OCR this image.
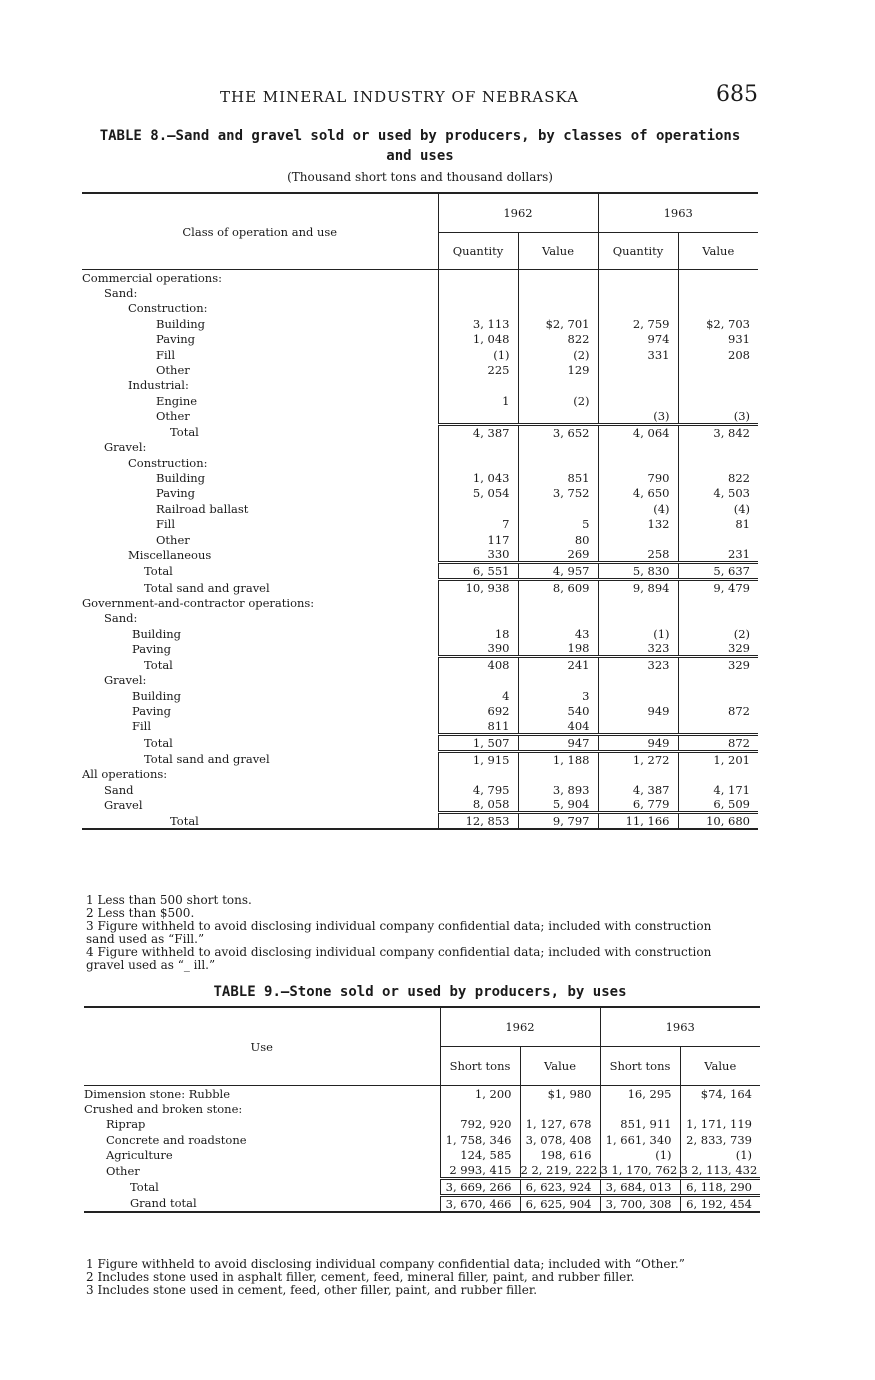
THE MINERAL INDUSTRY OF NEBRASKA	685
TABLE 8.—Sand and gravel sold or used by producers, by classes of operations
and uses
(Thousand short tons and thousand dollars)
Class of operation and use	1962		1963	
	Quantity	Value	Quantity	Value
Commercial operations:				
Sand:				
Construction:				
Building	3, 113	$2, 701	2, 759	$2, 703
Paving	1, 048	822	974	931
Fill	(1)	(2)	331	208
Other	225	129		
Industrial:				
Engine	1	(2)		
Other			(3)	(3)
Total	4, 387	3, 652	4, 064	3, 842
Gravel:				
Construction:				
Building	1, 043	851	790	822
Paving	5, 054	3, 752	4, 650	4, 503
Railroad ballast			(4)	(4)
Fill	7	5	132	81
Other	117	80		
Miscellaneous	330	269	258	231
Total	6, 551	4, 957	5, 830	5, 637
Total sand and gravel	10, 938	8, 609	9, 894	9, 479
Government-and-contractor operations:				
Sand:				
Building	18	43	(1)	(2)
Paving	390	198	323	329
Total	408	241	323	329
Gravel:				
Building	4	3		
Paving	692	540	949	872
Fill	811	404		
Total	1, 507	947	949	872
Total sand and gravel	1, 915	1, 188	1, 272	1, 201
All operations:				
Sand	4, 795	3, 893	4, 387	4, 171
Gravel	8, 058	5, 904	6, 779	6, 509
Total	12, 853	9, 797	11, 166	10, 680
1 Less than 500 short tons.
2 Less than $500.
3 Figure withheld to avoid disclosing individual company confidential data; included with construction
sand used as “Fill.”
4 Figure withheld to avoid disclosing individual company confidential data; included with construction
gravel used as “_ ill.”
TABLE 9.—Stone sold or used by producers, by uses
Use	1962		1963	
	Short tons	Value	Short tons	Value
Dimension stone: Rubble	1, 200	$1, 980	16, 295	$74, 164
Crushed and broken stone:				
Riprap	792, 920	1, 127, 678	851, 911	1, 171, 119
Concrete and roadstone	1, 758, 346	3, 078, 408	1, 661, 340	2, 833, 739
Agriculture	124, 585	198, 616	(1)	(1)
Other	2 993, 415	2 2, 219, 222	3 1, 170, 762	3 2, 113, 432
Total	3, 669, 266	6, 623, 924	3, 684, 013	6, 118, 290
Grand total	3, 670, 466	6, 625, 904	3, 700, 308	6, 192, 454
1 Figure withheld to avoid disclosing individual company confidential data; included with “Other.”
2 Includes stone used in asphalt filler, cement, feed, mineral filler, paint, and rubber filler.
3 Includes stone used in cement, feed, other filler, paint, and rubber filler.
